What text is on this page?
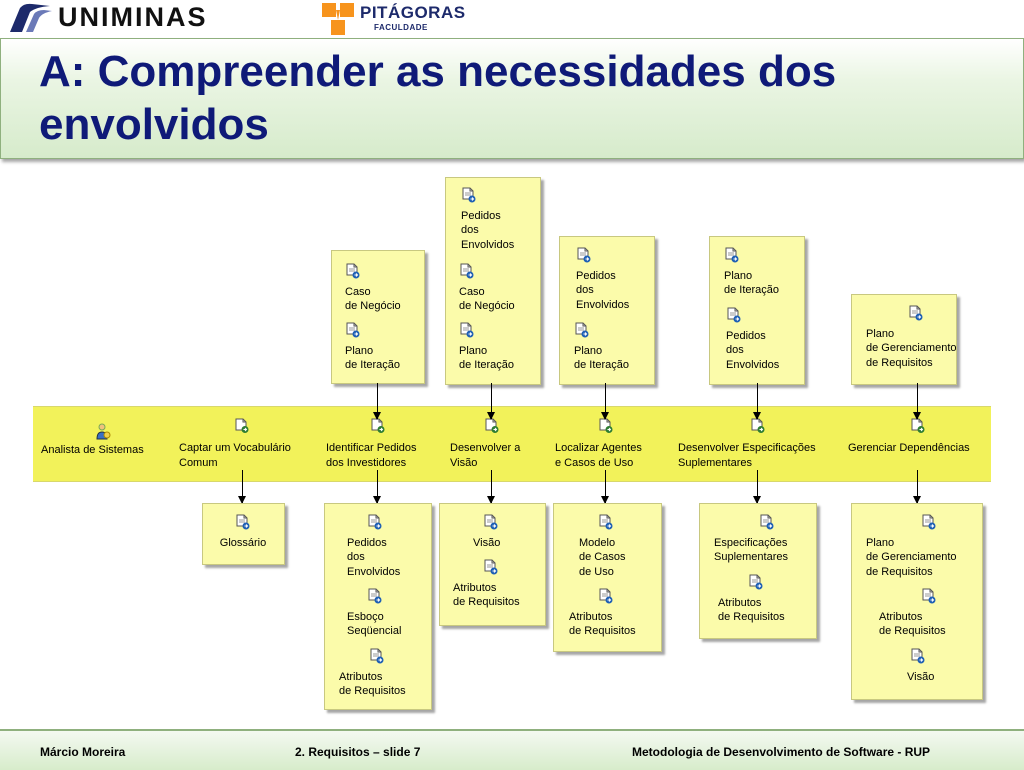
UNIMINAS	PITÁGORAS
FACULDADE
A: Compreender as necessidades dos envolvidos
Caso
de Negócio
Plano
de Iteração
Pedidos
dos
Envolvidos
Caso
de Negócio
Plano
de Iteração
Pedidos
dos
Envolvidos
Plano
de Iteração
Plano
de Iteração
Pedidos
dos
Envolvidos
Plano
de Gerenciamento
de Requisitos
Analista de Sistemas	Captar um Vocabulário
Comum
Identificar Pedidos
dos Investidores
Desenvolver a
Visão
Localizar Agentes
e Casos de Uso
Desenvolver Especificações
Suplementares
Gerenciar Dependências
Glossário	Pedidos
dos
Envolvidos
Esboço
Seqüencial
Atributos
de Requisitos
Visão
Atributos
de Requisitos
Modelo
de Casos
de Uso
Atributos
de Requisitos
Especificações
Suplementares
Atributos
de Requisitos
Plano
de Gerenciamento
de Requisitos
Atributos
de Requisitos
Visão
Márcio Moreira	2. Requisitos – slide 7	Metodologia de Desenvolvimento de Software - RUP
